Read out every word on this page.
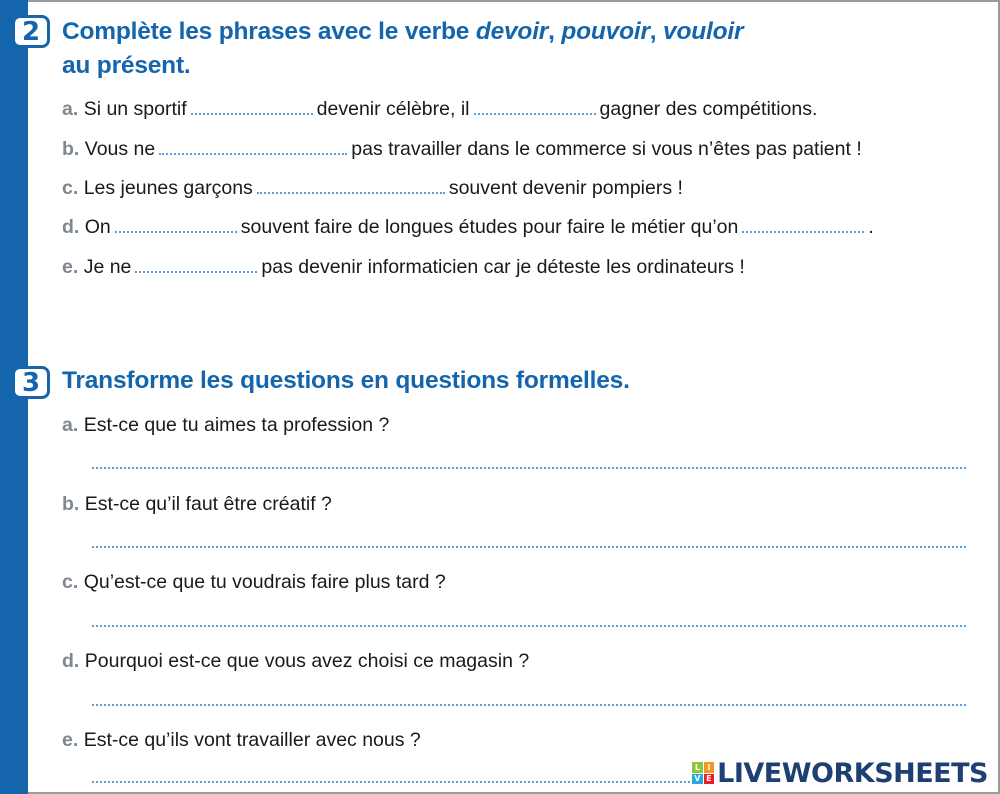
2 Complète les phrases avec le verbe devoir, pouvoir, vouloir
au présent.
a. Si un sportif	devenir célèbre, il	gagner des compétitions.
b. Vous ne	pas travailler dans le commerce si vous n’êtes pas patient !
c. Les jeunes garçons	souvent devenir pompiers !
d. On	souvent faire de longues études pour faire le métier qu’on	.
e. Je ne	pas devenir informaticien car je déteste les ordinateurs !
3 Transforme les questions en questions formelles.
a. Est-ce que tu aimes ta profession ?
b. Est-ce qu’il faut être créatif ?
c. Qu’est-ce que tu voudrais faire plus tard ?
d. Pourquoi est-ce que vous avez choisi ce magasin ?
e. Est-ce qu’ils vont travailler avec nous ?
L I
V E LIVEWORKSHEETS
